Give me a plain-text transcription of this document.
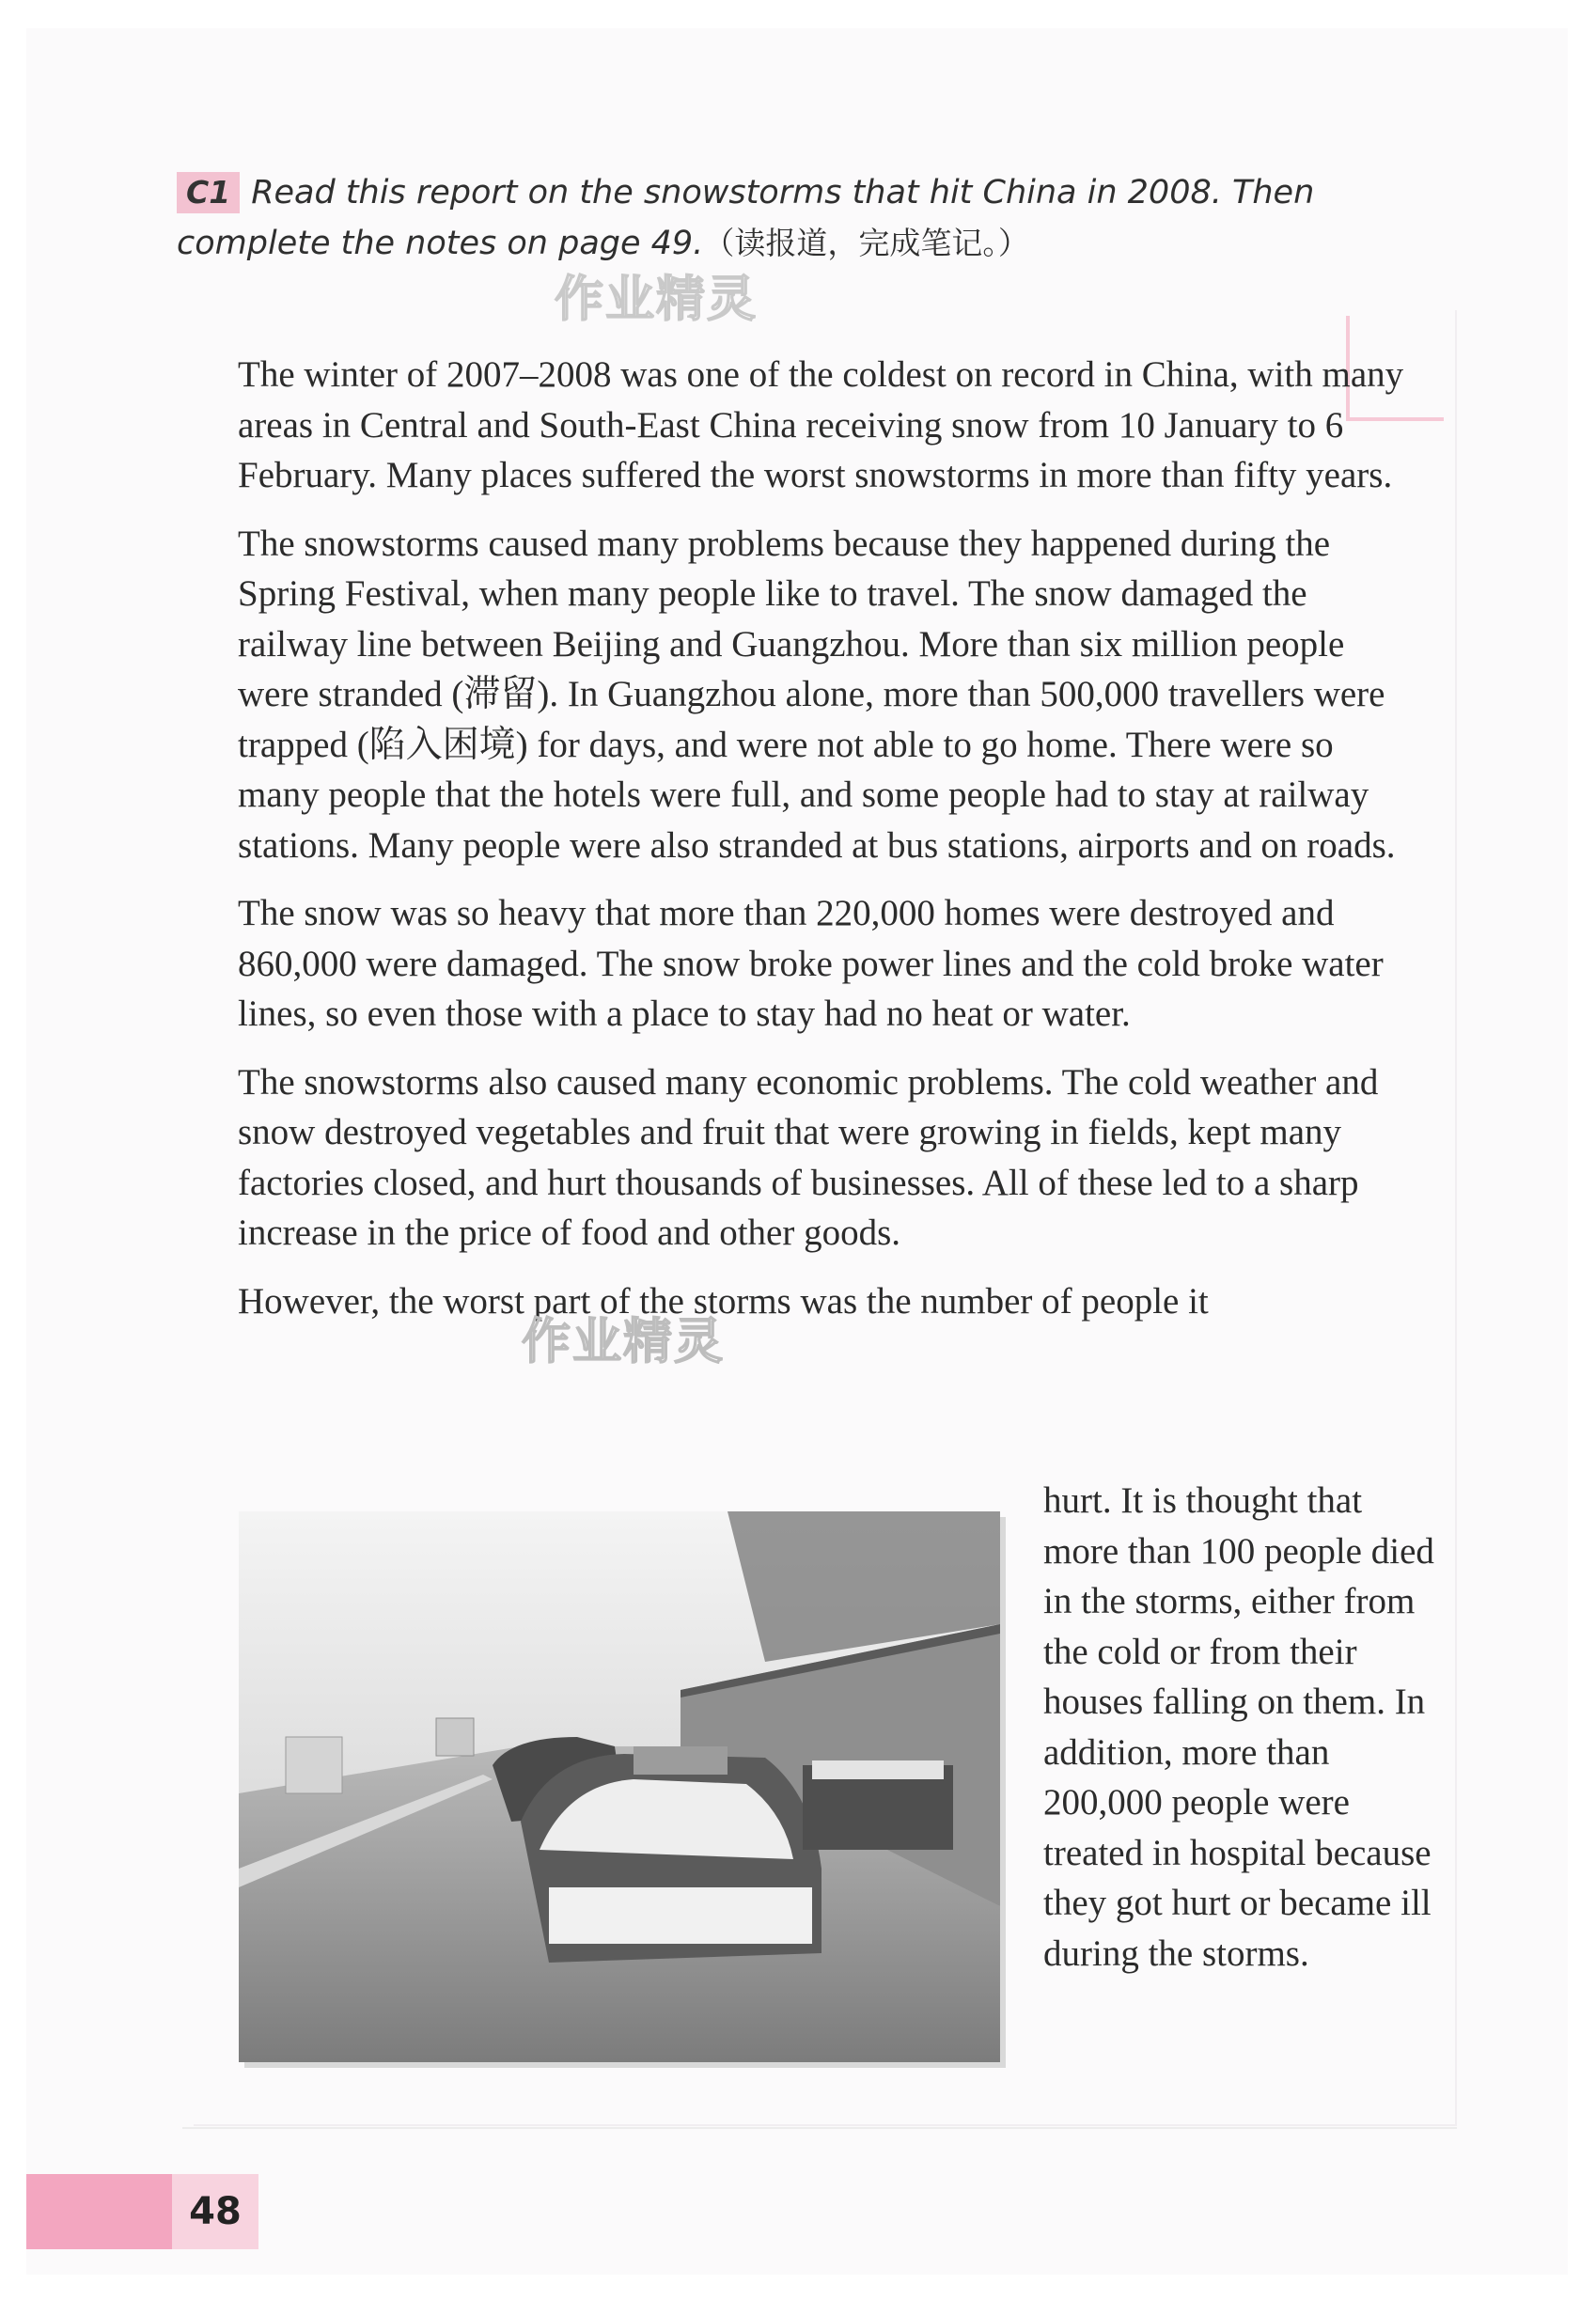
C1 Read this report on the snowstorms that hit China in 2008. Then complete the notes on page 49.（读报道，完成笔记。）
作业精灵

The winter of 2007–2008 was one of the coldest on record in China, with many areas in Central and South-East China receiving snow from 10 January to 6 February. Many places suffered the worst snowstorms in more than fifty years.

The snowstorms caused many problems because they happened during the Spring Festival, when many people like to travel. The snow damaged the railway line between Beijing and Guangzhou. More than six million people were stranded (滞留). In Guangzhou alone, more than 500,000 travellers were trapped (陷入困境) for days, and were not able to go home. There were so many people that the hotels were full, and some people had to stay at railway stations. Many people were also stranded at bus stations, airports and on roads.

The snow was so heavy that more than 220,000 homes were destroyed and 860,000 were damaged. The snow broke power lines and the cold broke water lines, so even those with a place to stay had no heat or water.

The snowstorms also caused many economic problems. The cold weather and snow destroyed vegetables and fruit that were growing in fields, kept many factories closed, and hurt thousands of businesses. All of these led to a sharp increase in the price of food and other goods.

However, the worst part of the storms was the number of people it

作业精灵
hurt. It is thought that more than 100 people died in the storms, either from the cold or from their houses falling on them. In addition, more than 200,000 people were treated in hospital because they got hurt or became ill during the storms.
48
